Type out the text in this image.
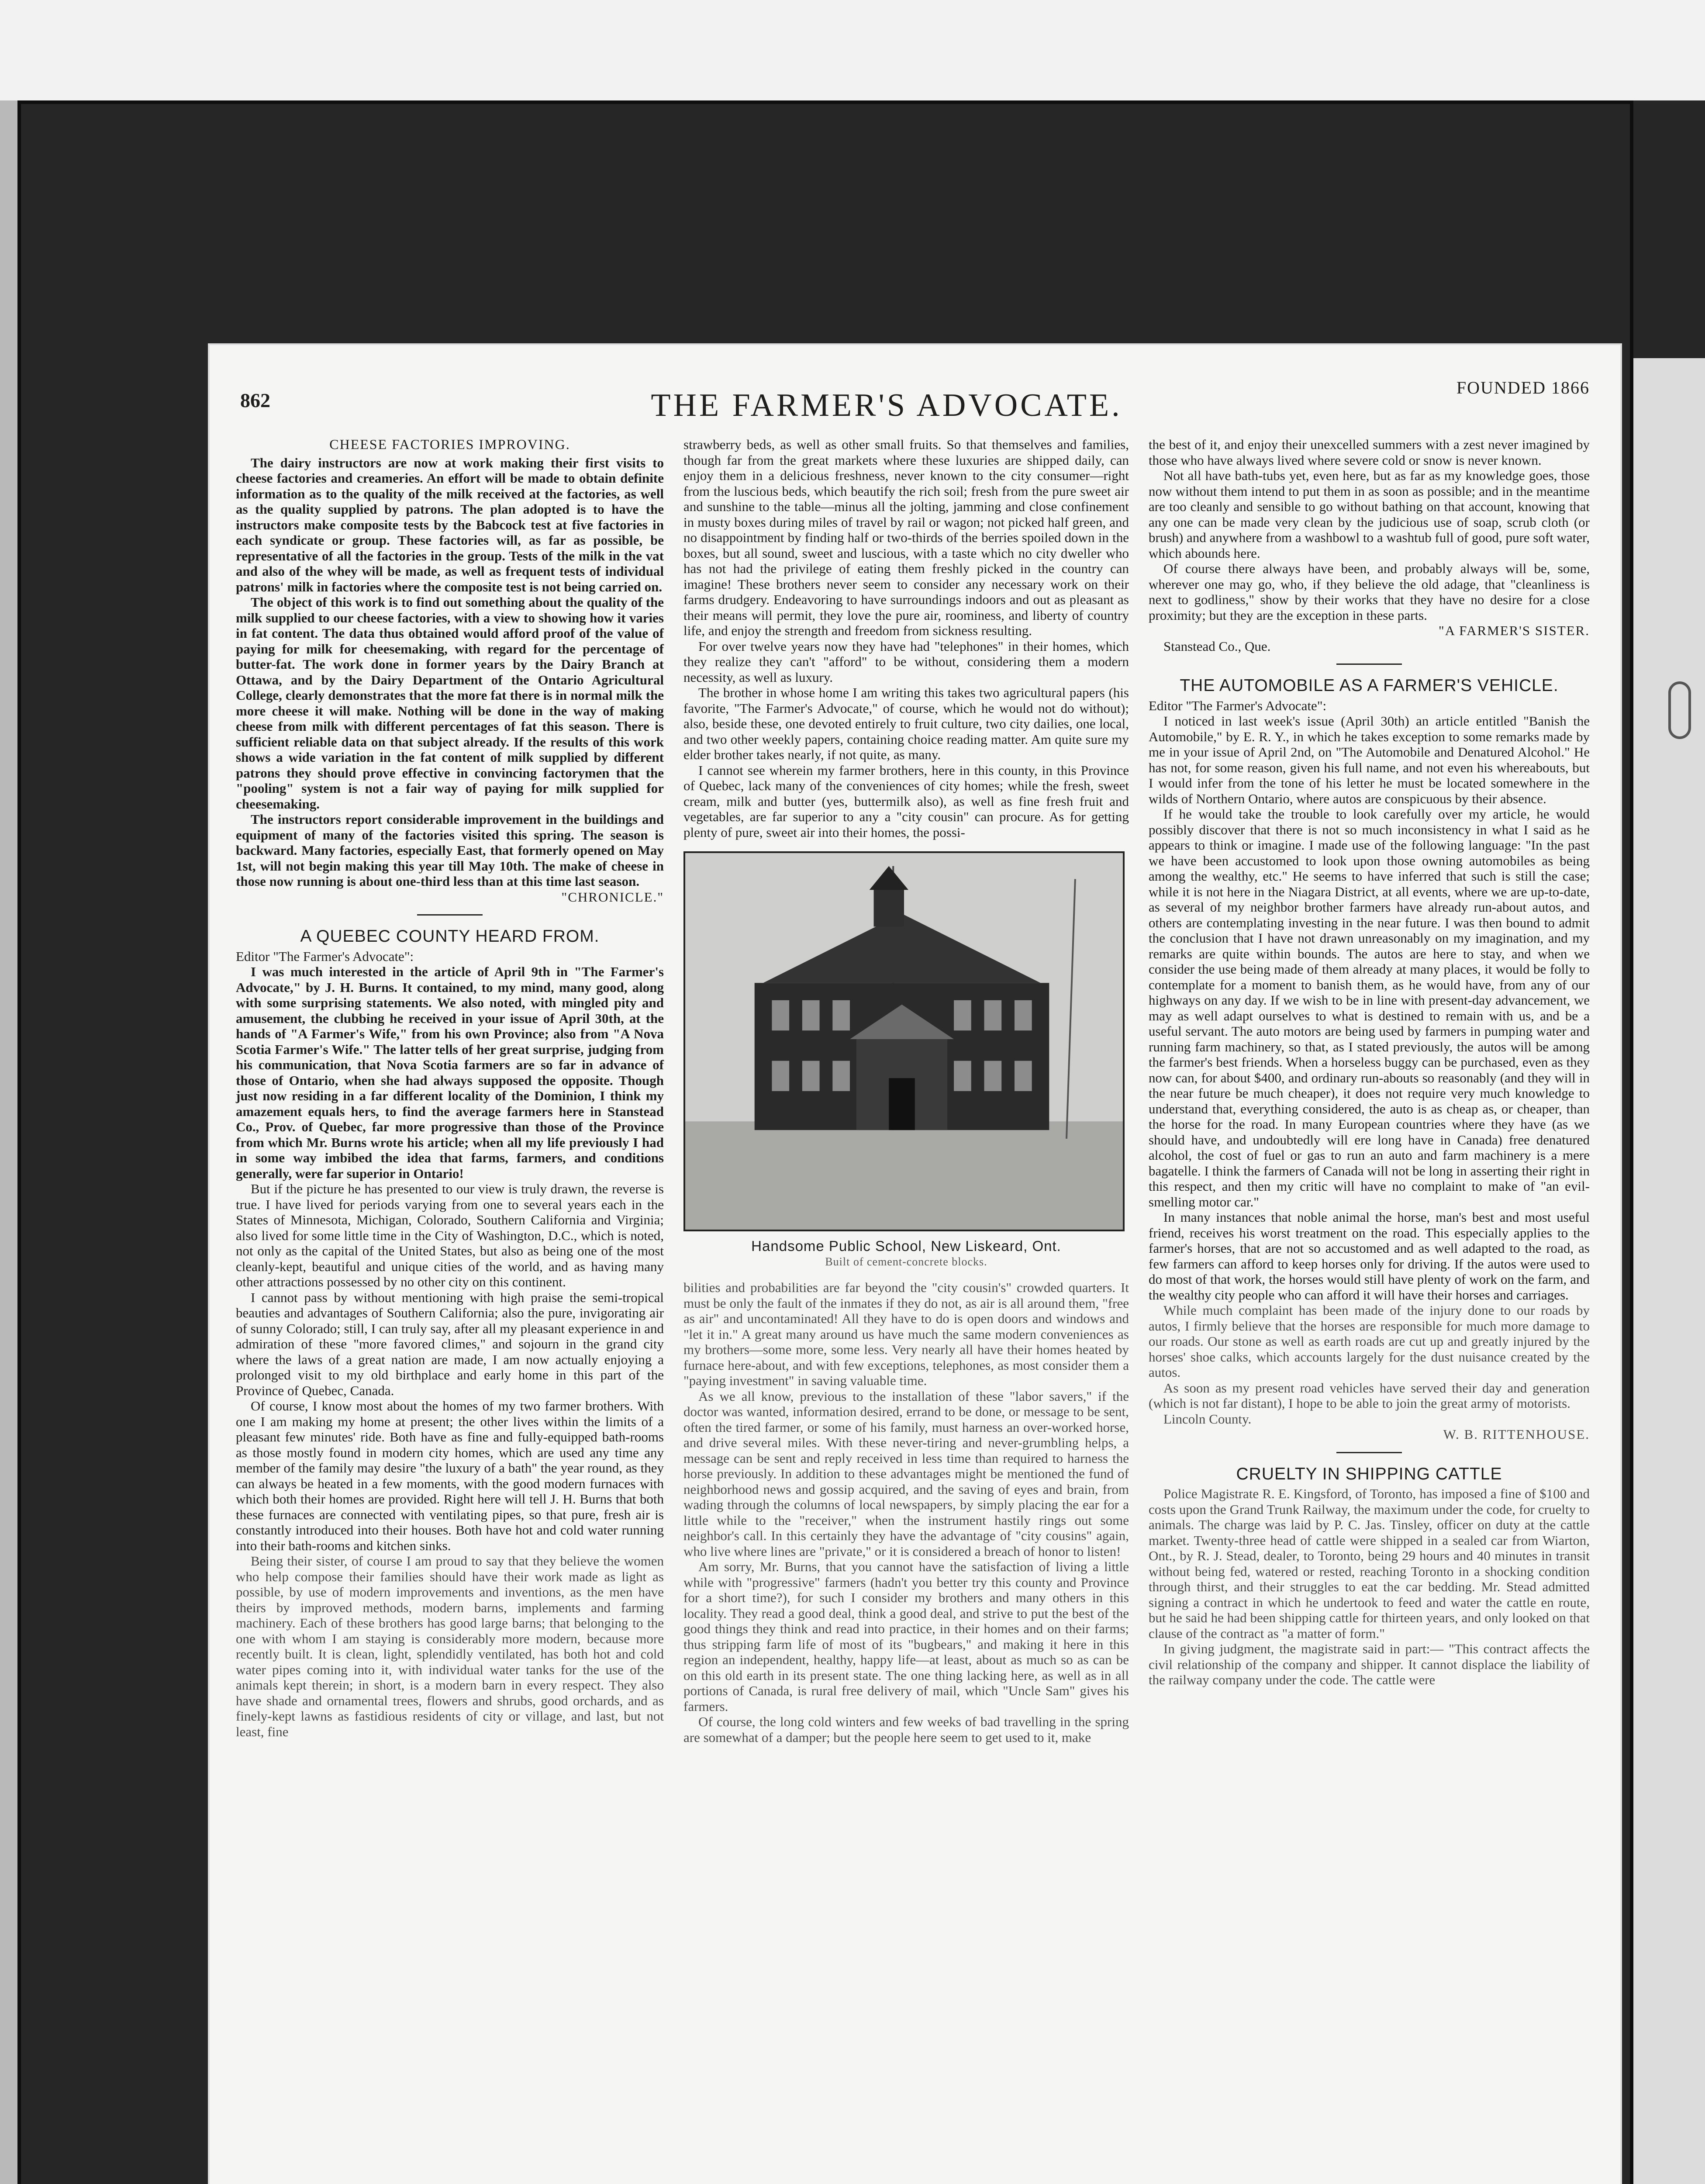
862	THE FARMER'S ADVOCATE.	FOUNDED 1866
CHEESE FACTORIES IMPROVING.

The dairy instructors are now at work making their first visits to cheese factories and creameries. An effort will be made to obtain definite information as to the quality of the milk received at the factories, as well as the quality supplied by patrons. The plan adopted is to have the instructors make composite tests by the Babcock test at five factories in each syndicate or group. These factories will, as far as possible, be representative of all the factories in the group. Tests of the milk in the vat and also of the whey will be made, as well as frequent tests of individual patrons' milk in factories where the composite test is not being carried on.

The object of this work is to find out something about the quality of the milk supplied to our cheese factories, with a view to showing how it varies in fat content. The data thus obtained would afford proof of the value of paying for milk for cheesemaking, with regard for the percentage of butter-fat. The work done in former years by the Dairy Branch at Ottawa, and by the Dairy Department of the Ontario Agricultural College, clearly demonstrates that the more fat there is in normal milk the more cheese it will make. Nothing will be done in the way of making cheese from milk with different percentages of fat this season. There is sufficient reliable data on that subject already. If the results of this work shows a wide variation in the fat content of milk supplied by different patrons they should prove effective in convincing factorymen that the "pooling" system is not a fair way of paying for milk supplied for cheesemaking.

The instructors report considerable improvement in the buildings and equipment of many of the factories visited this spring. The season is backward. Many factories, especially East, that formerly opened on May 1st, will not begin making this year till May 10th. The make of cheese in those now running is about one-third less than at this time last season.

"CHRONICLE."
A QUEBEC COUNTY HEARD FROM.

Editor "The Farmer's Advocate":

I was much interested in the article of April 9th in "The Farmer's Advocate," by J. H. Burns. It contained, to my mind, many good, along with some surprising statements. We also noted, with mingled pity and amusement, the clubbing he received in your issue of April 30th, at the hands of "A Farmer's Wife," from his own Province; also from "A Nova Scotia Farmer's Wife." The latter tells of her great surprise, judging from his communication, that Nova Scotia farmers are so far in advance of those of Ontario, when she had always supposed the opposite. Though just now residing in a far different locality of the Dominion, I think my amazement equals hers, to find the average farmers here in Stanstead Co., Prov. of Quebec, far more progressive than those of the Province from which Mr. Burns wrote his article; when all my life previously I had in some way imbibed the idea that farms, farmers, and conditions generally, were far superior in Ontario!

But if the picture he has presented to our view is truly drawn, the reverse is true. I have lived for periods varying from one to several years each in the States of Minnesota, Michigan, Colorado, Southern California and Virginia; also lived for some little time in the City of Washington, D.C., which is noted, not only as the capital of the United States, but also as being one of the most cleanly-kept, beautiful and unique cities of the world, and as having many other attractions possessed by no other city on this continent.

I cannot pass by without mentioning with high praise the semi-tropical beauties and advantages of Southern California; also the pure, invigorating air of sunny Colorado; still, I can truly say, after all my pleasant experience in and admiration of these "more favored climes," and sojourn in the grand city where the laws of a great nation are made, I am now actually enjoying a prolonged visit to my old birthplace and early home in this part of the Province of Quebec, Canada.

Of course, I know most about the homes of my two farmer brothers. With one I am making my home at present; the other lives within the limits of a pleasant few minutes' ride. Both have as fine and fully-equipped bath-rooms as those mostly found in modern city homes, which are used any time any member of the family may desire "the luxury of a bath" the year round, as they can always be heated in a few moments, with the good modern furnaces with which both their homes are provided. Right here will tell J. H. Burns that both these furnaces are connected with ventilating pipes, so that pure, fresh air is constantly introduced into their houses. Both have hot and cold water running into their bath-rooms and kitchen sinks.

Being their sister, of course I am proud to say that they believe the women who help compose their families should have their work made as light as possible, by use of modern improvements and inventions, as the men have theirs by improved methods, modern barns, implements and farming machinery. Each of these brothers has good large barns; that belonging to the one with whom I am staying is considerably more modern, because more recently built. It is clean, light, splendidly ventilated, has both hot and cold water pipes coming into it, with individual water tanks for the use of the animals kept therein; in short, is a modern barn in every respect. They also have shade and ornamental trees, flowers and shrubs, good orchards, and as finely-kept lawns as fastidious residents of city or village, and last, but not least, fine

strawberry beds, as well as other small fruits. So that themselves and families, though far from the great markets where these luxuries are shipped daily, can enjoy them in a delicious freshness, never known to the city consumer—right from the luscious beds, which beautify the rich soil; fresh from the pure sweet air and sunshine to the table—minus all the jolting, jamming and close confinement in musty boxes during miles of travel by rail or wagon; not picked half green, and no disappointment by finding half or two-thirds of the berries spoiled down in the boxes, but all sound, sweet and luscious, with a taste which no city dweller who has not had the privilege of eating them freshly picked in the country can imagine! These brothers never seem to consider any necessary work on their farms drudgery. Endeavoring to have surroundings indoors and out as pleasant as their means will permit, they love the pure air, roominess, and liberty of country life, and enjoy the strength and freedom from sickness resulting.

For over twelve years now they have had "telephones" in their homes, which they realize they can't "afford" to be without, considering them a modern necessity, as well as luxury.

The brother in whose home I am writing this takes two agricultural papers (his favorite, "The Farmer's Advocate," of course, which he would not do without); also, beside these, one devoted entirely to fruit culture, two city dailies, one local, and two other weekly papers, containing choice reading matter. Am quite sure my elder brother takes nearly, if not quite, as many.

I cannot see wherein my farmer brothers, here in this county, in this Province of Quebec, lack many of the conveniences of city homes; while the fresh, sweet cream, milk and butter (yes, buttermilk also), as well as fine fresh fruit and vegetables, are far superior to any a "city cousin" can procure. As for getting plenty of pure, sweet air into their homes, the possi-

Handsome Public School, New Liskeard, Ont.
Built of cement-concrete blocks.

bilities and probabilities are far beyond the "city cousin's" crowded quarters. It must be only the fault of the inmates if they do not, as air is all around them, "free as air" and uncontaminated! All they have to do is open doors and windows and "let it in." A great many around us have much the same modern conveniences as my brothers—some more, some less. Very nearly all have their homes heated by furnace here-about, and with few exceptions, telephones, as most consider them a "paying investment" in saving valuable time.

As we all know, previous to the installation of these "labor savers," if the doctor was wanted, information desired, errand to be done, or message to be sent, often the tired farmer, or some of his family, must harness an over-worked horse, and drive several miles. With these never-tiring and never-grumbling helps, a message can be sent and reply received in less time than required to harness the horse previously. In addition to these advantages might be mentioned the fund of neighborhood news and gossip acquired, and the saving of eyes and brain, from wading through the columns of local newspapers, by simply placing the ear for a little while to the "receiver," when the instrument hastily rings out some neighbor's call. In this certainly they have the advantage of "city cousins" again, who live where lines are "private," or it is considered a breach of honor to listen!

Am sorry, Mr. Burns, that you cannot have the satisfaction of living a little while with "progressive" farmers (hadn't you better try this county and Province for a short time?), for such I consider my brothers and many others in this locality. They read a good deal, think a good deal, and strive to put the best of the good things they think and read into practice, in their homes and on their farms; thus stripping farm life of most of its "bugbears," and making it here in this region an independent, healthy, happy life—at least, about as much so as can be on this old earth in its present state. The one thing lacking here, as well as in all portions of Canada, is rural free delivery of mail, which "Uncle Sam" gives his farmers.

Of course, the long cold winters and few weeks of bad travelling in the spring are somewhat of a damper; but the people here seem to get used to it, make

the best of it, and enjoy their unexcelled summers with a zest never imagined by those who have always lived where severe cold or snow is never known.

Not all have bath-tubs yet, even here, but as far as my knowledge goes, those now without them intend to put them in as soon as possible; and in the meantime are too cleanly and sensible to go without bathing on that account, knowing that any one can be made very clean by the judicious use of soap, scrub cloth (or brush) and anywhere from a washbowl to a washtub full of good, pure soft water, which abounds here.

Of course there always have been, and probably always will be, some, wherever one may go, who, if they believe the old adage, that "cleanliness is next to godliness," show by their works that they have no desire for a close proximity; but they are the exception in these parts.

"A FARMER'S SISTER.

Stanstead Co., Que.

THE AUTOMOBILE AS A FARMER'S VEHICLE.

Editor "The Farmer's Advocate":

I noticed in last week's issue (April 30th) an article entitled "Banish the Automobile," by E. R. Y., in which he takes exception to some remarks made by me in your issue of April 2nd, on "The Automobile and Denatured Alcohol." He has not, for some reason, given his full name, and not even his whereabouts, but I would infer from the tone of his letter he must be located somewhere in the wilds of Northern Ontario, where autos are conspicuous by their absence.

If he would take the trouble to look carefully over my article, he would possibly discover that there is not so much inconsistency in what I said as he appears to think or imagine. I made use of the following language: "In the past we have been accustomed to look upon those owning automobiles as being among the wealthy, etc." He seems to have inferred that such is still the case; while it is not here in the Niagara District, at all events, where we are up-to-date, as several of my neighbor brother farmers have already run-about autos, and others are contemplating investing in the near future. I was then bound to admit the conclusion that I have not drawn unreasonably on my imagination, and my remarks are quite within bounds. The autos are here to stay, and when we consider the use being made of them already at many places, it would be folly to contemplate for a moment to banish them, as he would have, from any of our highways on any day. If we wish to be in line with present-day advancement, we may as well adapt ourselves to what is destined to remain with us, and be a useful servant. The auto motors are being used by farmers in pumping water and running farm machinery, so that, as I stated previously, the autos will be among the farmer's best friends. When a horseless buggy can be purchased, even as they now can, for about $400, and ordinary run-abouts so reasonably (and they will in the near future be much cheaper), it does not require very much knowledge to understand that, everything considered, the auto is as cheap as, or cheaper, than the horse for the road. In many European countries where they have (as we should have, and undoubtedly will ere long have in Canada) free denatured alcohol, the cost of fuel or gas to run an auto and farm machinery is a mere bagatelle. I think the farmers of Canada will not be long in asserting their right in this respect, and then my critic will have no complaint to make of "an evil-smelling motor car."

In many instances that noble animal the horse, man's best and most useful friend, receives his worst treatment on the road. This especially applies to the farmer's horses, that are not so accustomed and as well adapted to the road, as few farmers can afford to keep horses only for driving. If the autos were used to do most of that work, the horses would still have plenty of work on the farm, and the wealthy city people who can afford it will have their horses and carriages.

While much complaint has been made of the injury done to our roads by autos, I firmly believe that the horses are responsible for much more damage to our roads. Our stone as well as earth roads are cut up and greatly injured by the horses' shoe calks, which accounts largely for the dust nuisance created by the autos.

As soon as my present road vehicles have served their day and generation (which is not far distant), I hope to be able to join the great army of motorists.

Lincoln County.

W. B. RITTENHOUSE.
CRUELTY IN SHIPPING CATTLE

Police Magistrate R. E. Kingsford, of Toronto, has imposed a fine of $100 and costs upon the Grand Trunk Railway, the maximum under the code, for cruelty to animals. The charge was laid by P. C. Jas. Tinsley, officer on duty at the cattle market. Twenty-three head of cattle were shipped in a sealed car from Wiarton, Ont., by R. J. Stead, dealer, to Toronto, being 29 hours and 40 minutes in transit without being fed, watered or rested, reaching Toronto in a shocking condition through thirst, and their struggles to eat the car bedding. Mr. Stead admitted signing a contract in which he undertook to feed and water the cattle en route, but he said he had been shipping cattle for thirteen years, and only looked on that clause of the contract as "a matter of form."

In giving judgment, the magistrate said in part:— "This contract affects the civil relationship of the company and shipper. It cannot displace the liability of the railway company under the code. The cattle were
